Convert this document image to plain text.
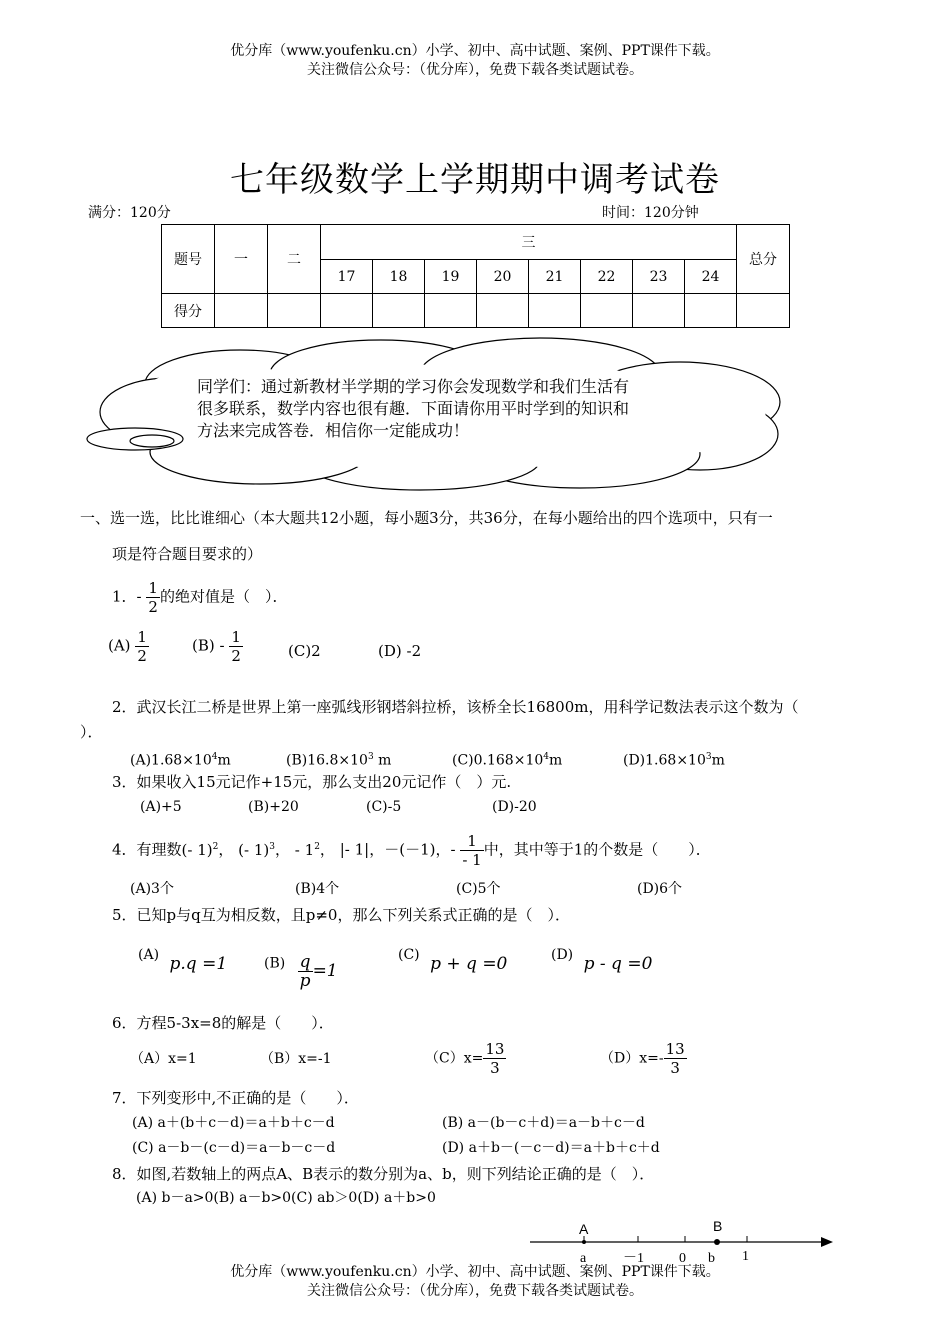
优分库（www.youfenku.cn）小学、初中、高中试题、案例、PPT课件下载。
关注微信公众号：（优分库），免费下载各类试题试卷。
七年级数学上学期期中调考试卷
满分：120分	时间：120分钟
题号	一	二	三								总分
			17	18	19	20	21	22	23	24	
得分											
同学们：通过新教材半学期的学习你会发现数学和我们生活有很多联系，数学内容也很有趣．下面请你用平时学到的知识和方法来完成答卷．相信你一定能成功！
一、选一选，比比谁细心（本大题共12小题，每小题3分，共36分，在每小题给出的四个选项中，只有一
项是符合题目要求的）
1．- $\frac{1}{2}$ 的绝对值是（　）．
$(A) \frac{1}{2}$	$(B) - \frac{1}{2}$	(C)2	(D) -2
2．武汉长江二桥是世界上第一座弧线形钢塔斜拉桥，该桥全长16800m，用科学记数法表示这个数为（
）．
$(A)1.68\times 10^4m$	$(B)16.8\times 10^3$ m	$(C)0.168\times 10^4m$	$(D)1.68\times 10^3m$
3．如果收入15元记作+15元，那么支出20元记作（　）元.
(A)+5	(B)+20	(C)-5	(D)-20
4．有理数(- 1)$^2$， (- 1)$^3$， - $1^2$， |- 1|，－(－1)，- $\frac{1}{- 1}$ 中，其中等于1的个数是（　　）．
(A)3个	(B)4个	(C)5个	(D)6个
5．已知p与q互为相反数，且p≠0，那么下列关系式正确的是（　）．
(A) p.q =1	$(B) \frac{q}{p} =1$
(C) p + q =0	(D) p - q =0
6．方程5-3x=8的解是（　　）．
（A）x=1	（B）x=-1	$(C)x= \frac{13}{3}$	$(D)x=- \frac{13}{3}$
7．下列变形中,不正确的是（　　）．
(A) a＋(b＋c－d)＝a＋b＋c－d	(B) a－(b－c＋d)＝a－b＋c－d
(C) a－b－(c－d)＝a－b－c－d	(D) a＋b－(－c－d)＝a＋b＋c＋d
8．如图,若数轴上的两点A、B表示的数分别为a、b，则下列结论正确的是（　）．
(A) b－a>0(B) a－b>0(C) ab＞0(D) a＋b>0
A	B
a	－1	0 b 1
优分库（www.youfenku.cn）小学、初中、高中试题、案例、PPT课件下载。
关注微信公众号：（优分库），免费下载各类试题试卷。
